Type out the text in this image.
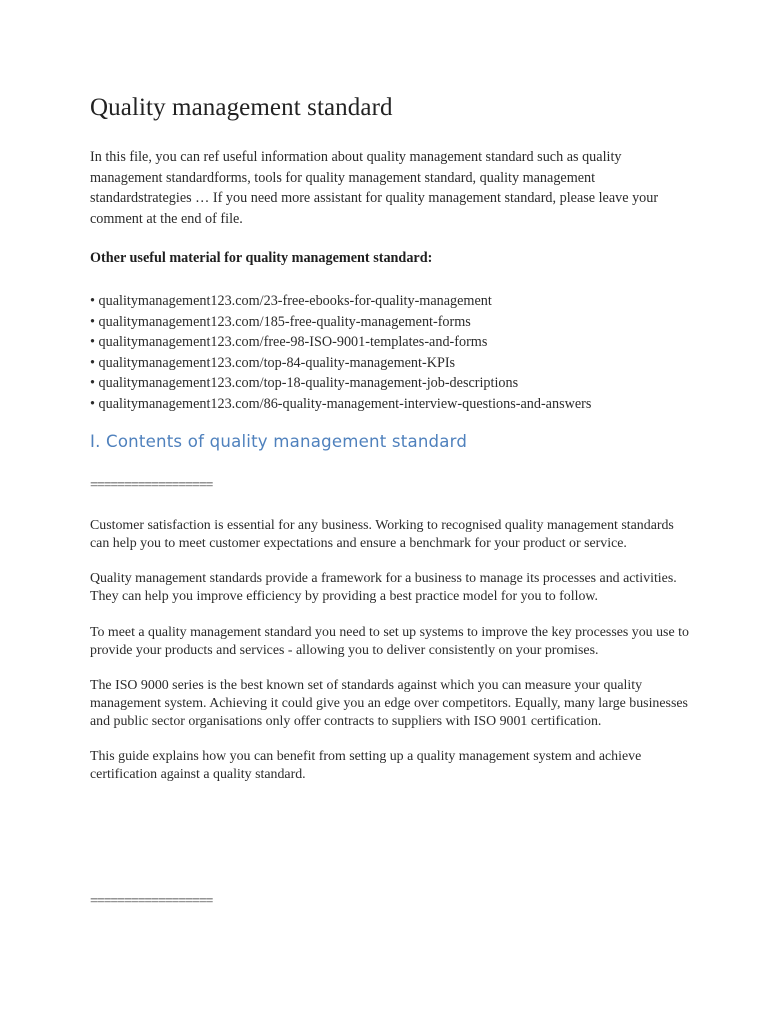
Quality management standard

In this file, you can ref useful information about quality management standard such as quality management standardforms, tools for quality management standard, quality management standardstrategies … If you need more assistant for quality management standard, please leave your comment at the end of file.

Other useful material for quality management standard:

• qualitymanagement123.com/23-free-ebooks-for-quality-management
• qualitymanagement123.com/185-free-quality-management-forms
• qualitymanagement123.com/free-98-ISO-9001-templates-and-forms
• qualitymanagement123.com/top-84-quality-management-KPIs
• qualitymanagement123.com/top-18-quality-management-job-descriptions
• qualitymanagement123.com/86-quality-management-interview-questions-and-answers
I. Contents of quality management standard
==================

Customer satisfaction is essential for any business. Working to recognised quality management standards can help you to meet customer expectations and ensure a benchmark for your product or service.

Quality management standards provide a framework for a business to manage its processes and activities. They can help you improve efficiency by providing a best practice model for you to follow.

To meet a quality management standard you need to set up systems to improve the key processes you use to provide your products and services - allowing you to deliver consistently on your promises.

The ISO 9000 series is the best known set of standards against which you can measure your quality management system. Achieving it could give you an edge over competitors. Equally, many large businesses and public sector organisations only offer contracts to suppliers with ISO 9001 certification.

This guide explains how you can benefit from setting up a quality management system and achieve certification against a quality standard.

==================
